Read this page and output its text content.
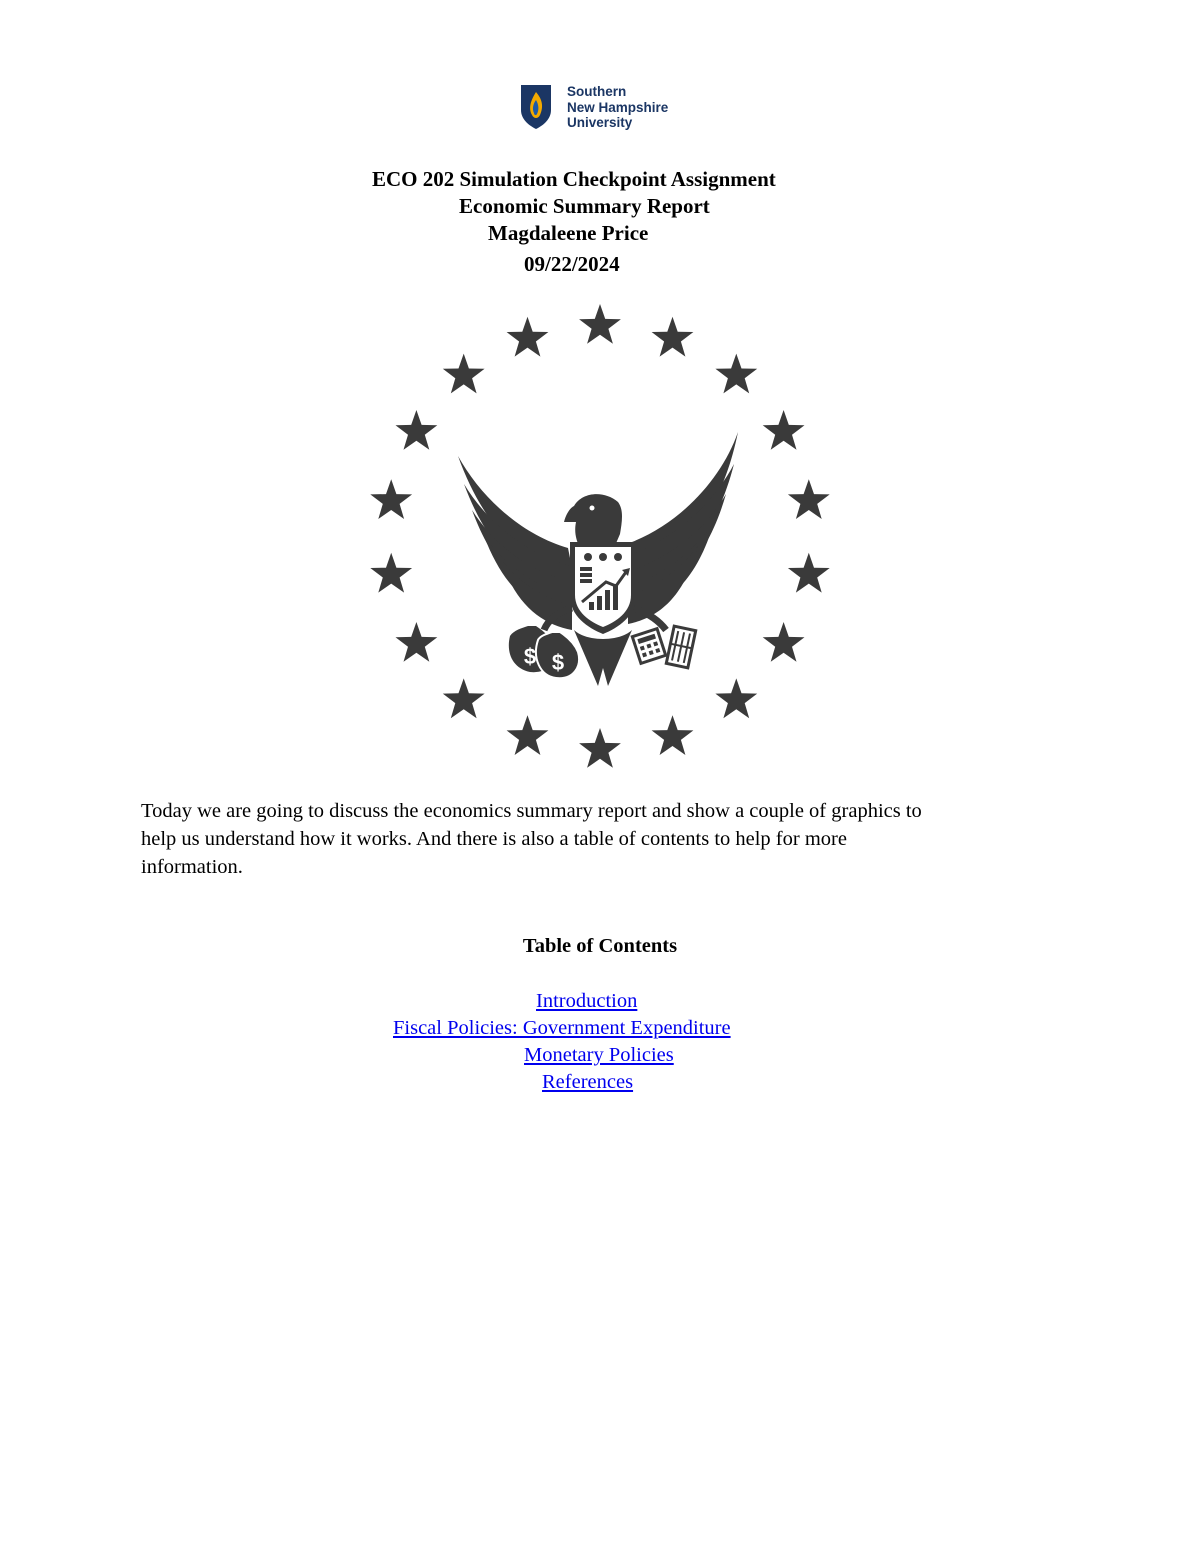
Southern
New Hampshire
University
ECO 202 Simulation Checkpoint Assignment
Economic Summary Report
Magdaleene Price
09/22/2024
$ $
Today we are going to discuss the economics summary report and show a couple of graphics to
help us understand how it works. And there is also a table of contents to help for more
information.
Table of Contents
Introduction
Fiscal Policies: Government Expenditure
Monetary Policies
References
